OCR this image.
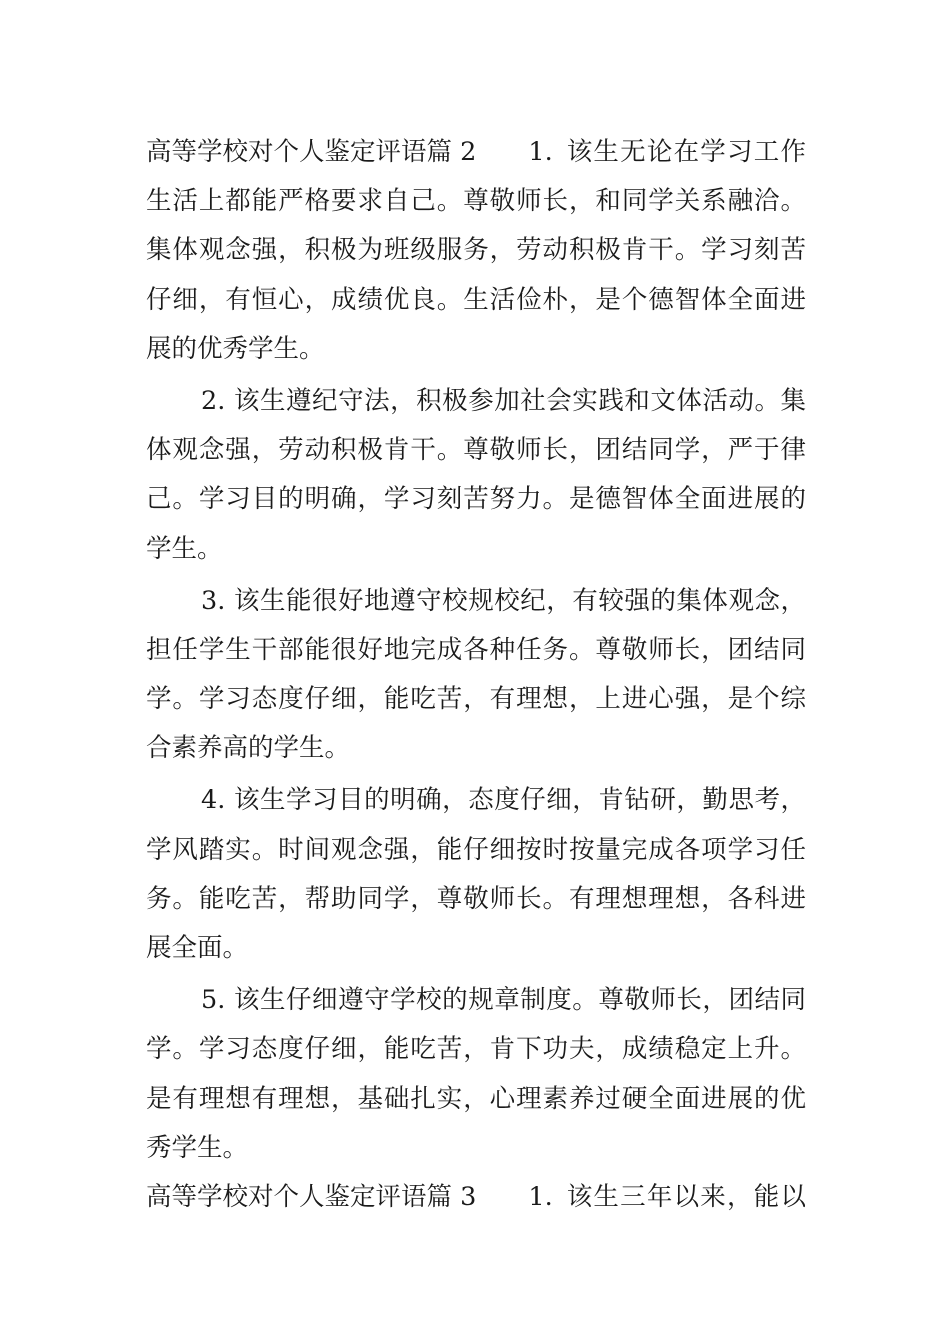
高等学校对个人鉴定评语篇 2 1. 该生无论在学习工作
生活上都能严格要求自己。尊敬师长，和同学关系融洽。
集体观念强，积极为班级服务，劳动积极肯干。学习刻苦
仔细，有恒心，成绩优良。生活俭朴，是个德智体全面进
展的优秀学生。
2. 该生遵纪守法，积极参加社会实践和文体活动。集
体观念强，劳动积极肯干。尊敬师长，团结同学，严于律
己。学习目的明确，学习刻苦努力。是德智体全面进展的
学生。
3. 该生能很好地遵守校规校纪，有较强的集体观念，
担任学生干部能很好地完成各种任务。尊敬师长，团结同
学。学习态度仔细，能吃苦，有理想，上进心强，是个综
合素养高的学生。
4. 该生学习目的明确，态度仔细，肯钻研，勤思考，
学风踏实。时间观念强，能仔细按时按量完成各项学习任
务。能吃苦，帮助同学，尊敬师长。有理想理想，各科进
展全面。
5. 该生仔细遵守学校的规章制度。尊敬师长，团结同
学。学习态度仔细，能吃苦，肯下功夫，成绩稳定上升。
是有理想有理想，基础扎实，心理素养过硬全面进展的优
秀学生。
高等学校对个人鉴定评语篇 3 1. 该生三年以来，能以
